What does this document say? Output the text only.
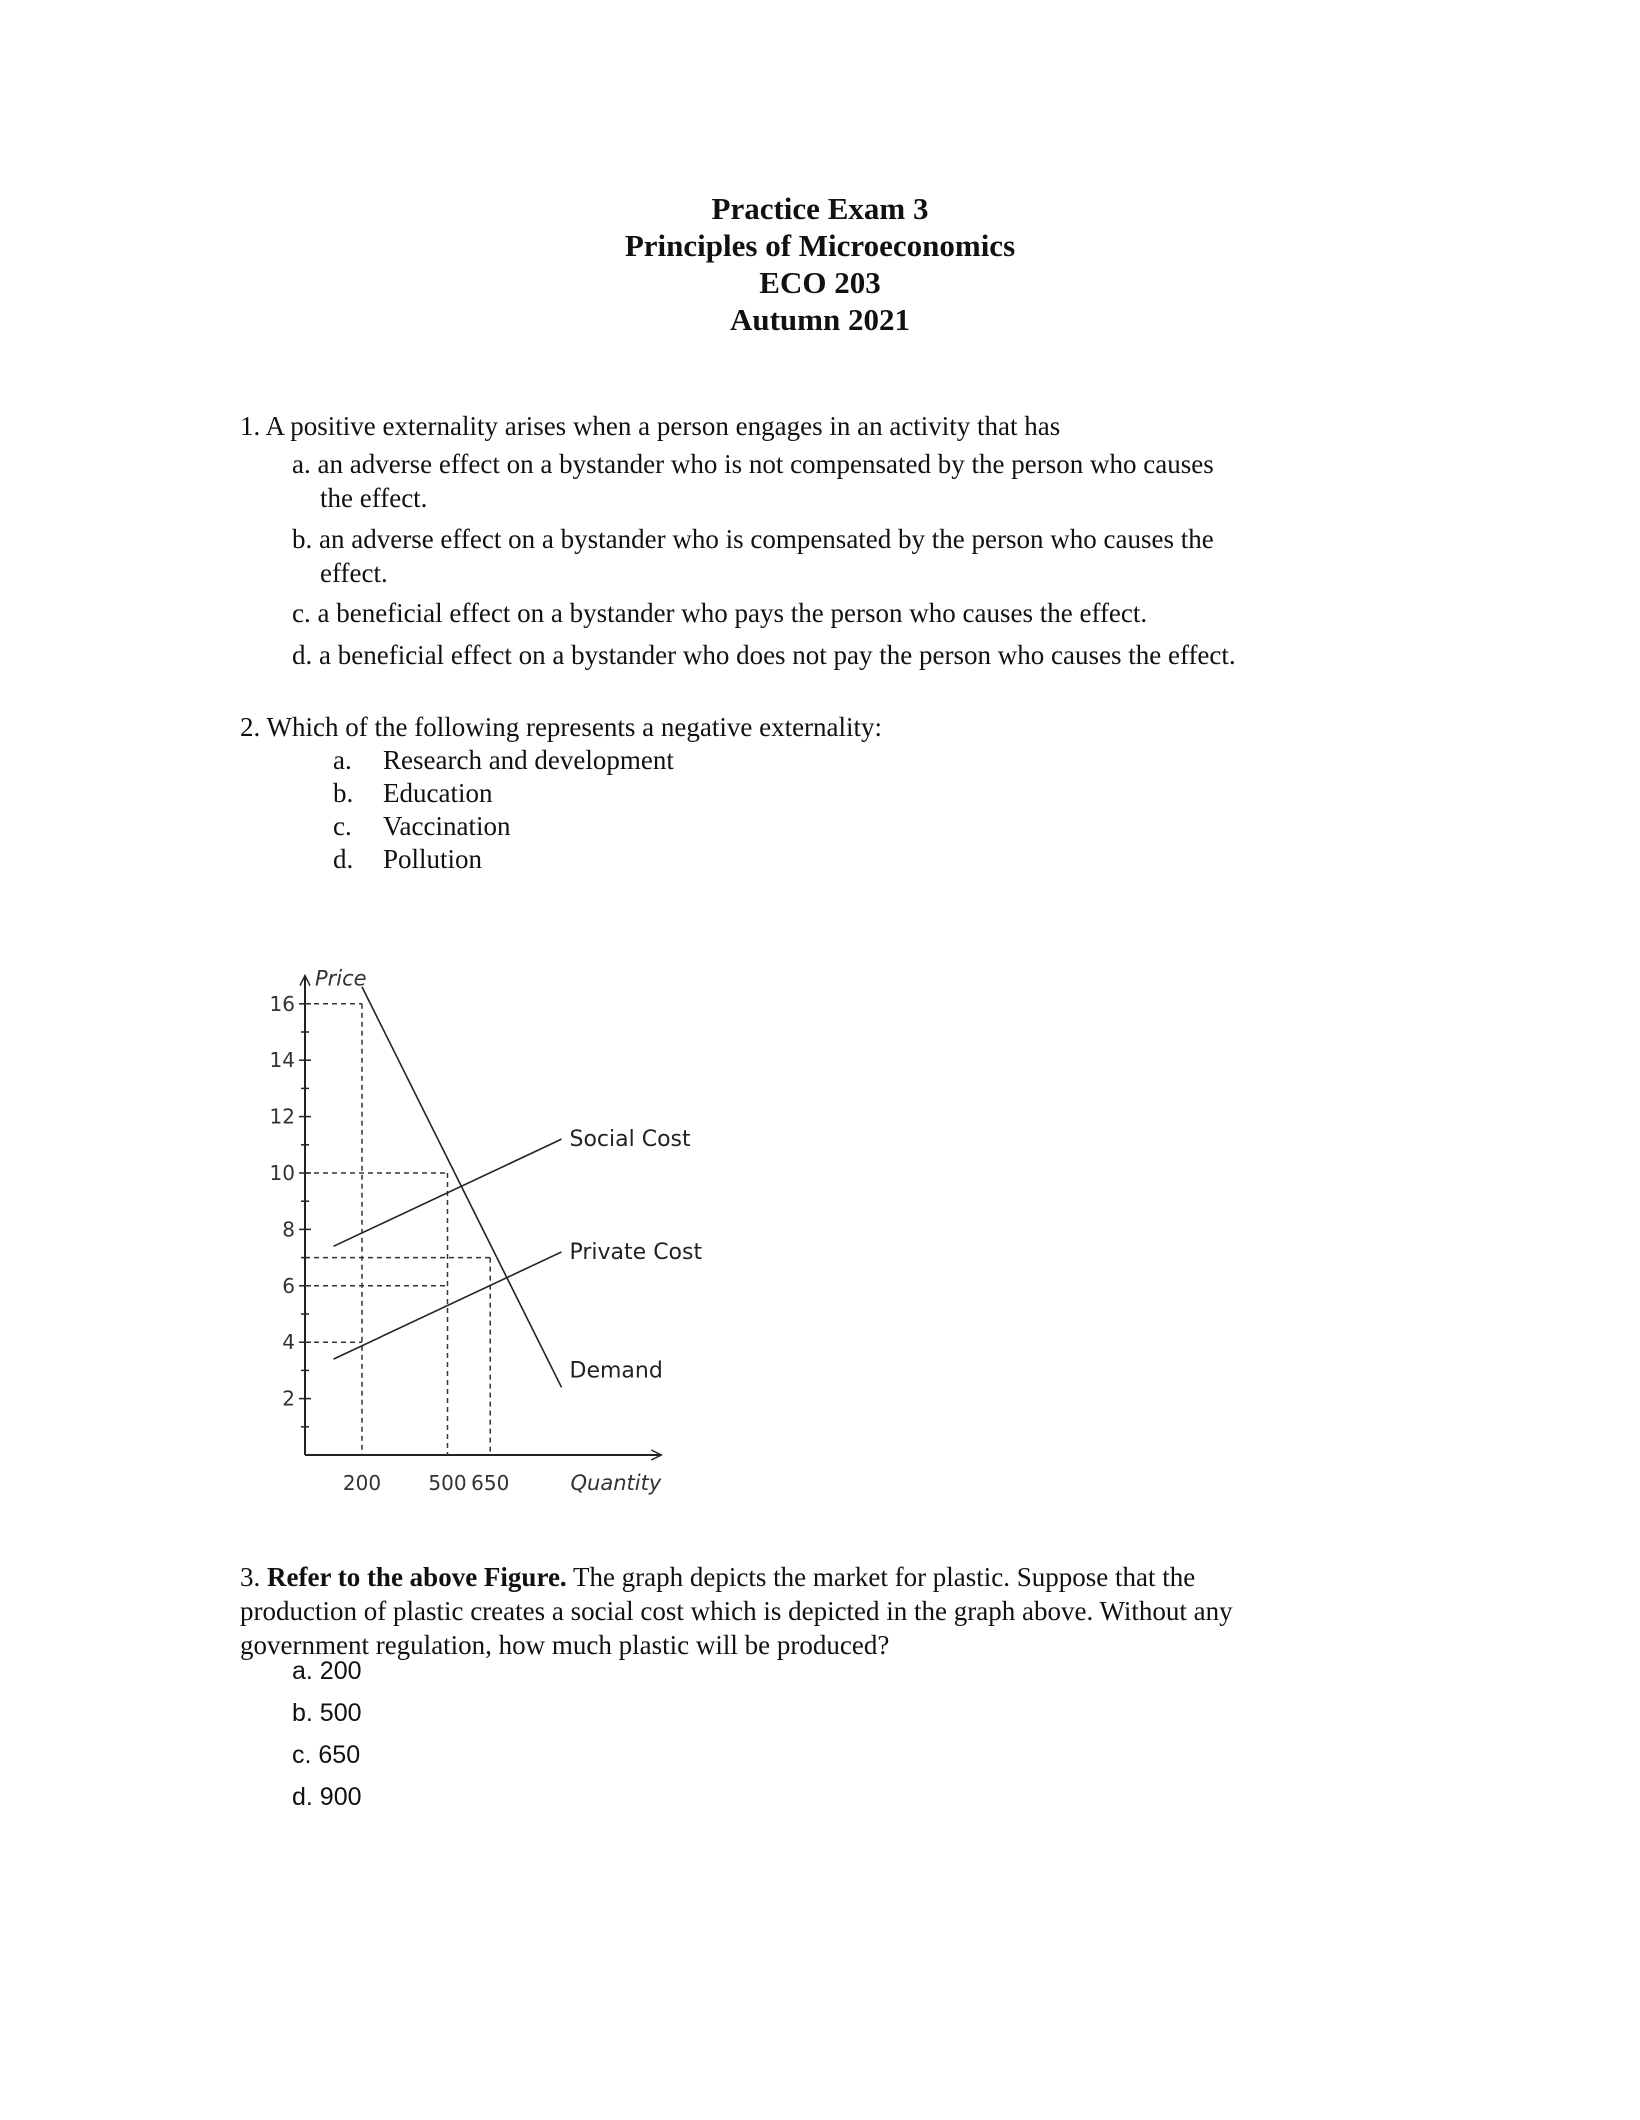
Practice Exam 3
Principles of Microeconomics
ECO 203
Autumn 2021
1. A positive externality arises when a person engages in an activity that has
a. an adverse effect on a bystander who is not compensated by the person who causes
the effect.
b. an adverse effect on a bystander who is compensated by the person who causes the
effect.
c. a beneficial effect on a bystander who pays the person who causes the effect.
d. a beneficial effect on a bystander who does not pay the person who causes the effect.
2. Which of the following represents a negative externality:
a. Research and development
b. Education
c. Vaccination
d. Pollution
2
4
6
8
10
12
14
16
200 500 650
Social Cost
Private Cost
Demand
Price
Quantity
3. Refer to the above Figure. The graph depicts the market for plastic. Suppose that the
production of plastic creates a social cost which is depicted in the graph above. Without any
government regulation, how much plastic will be produced?
a. 200
b. 500
c. 650
d. 900
